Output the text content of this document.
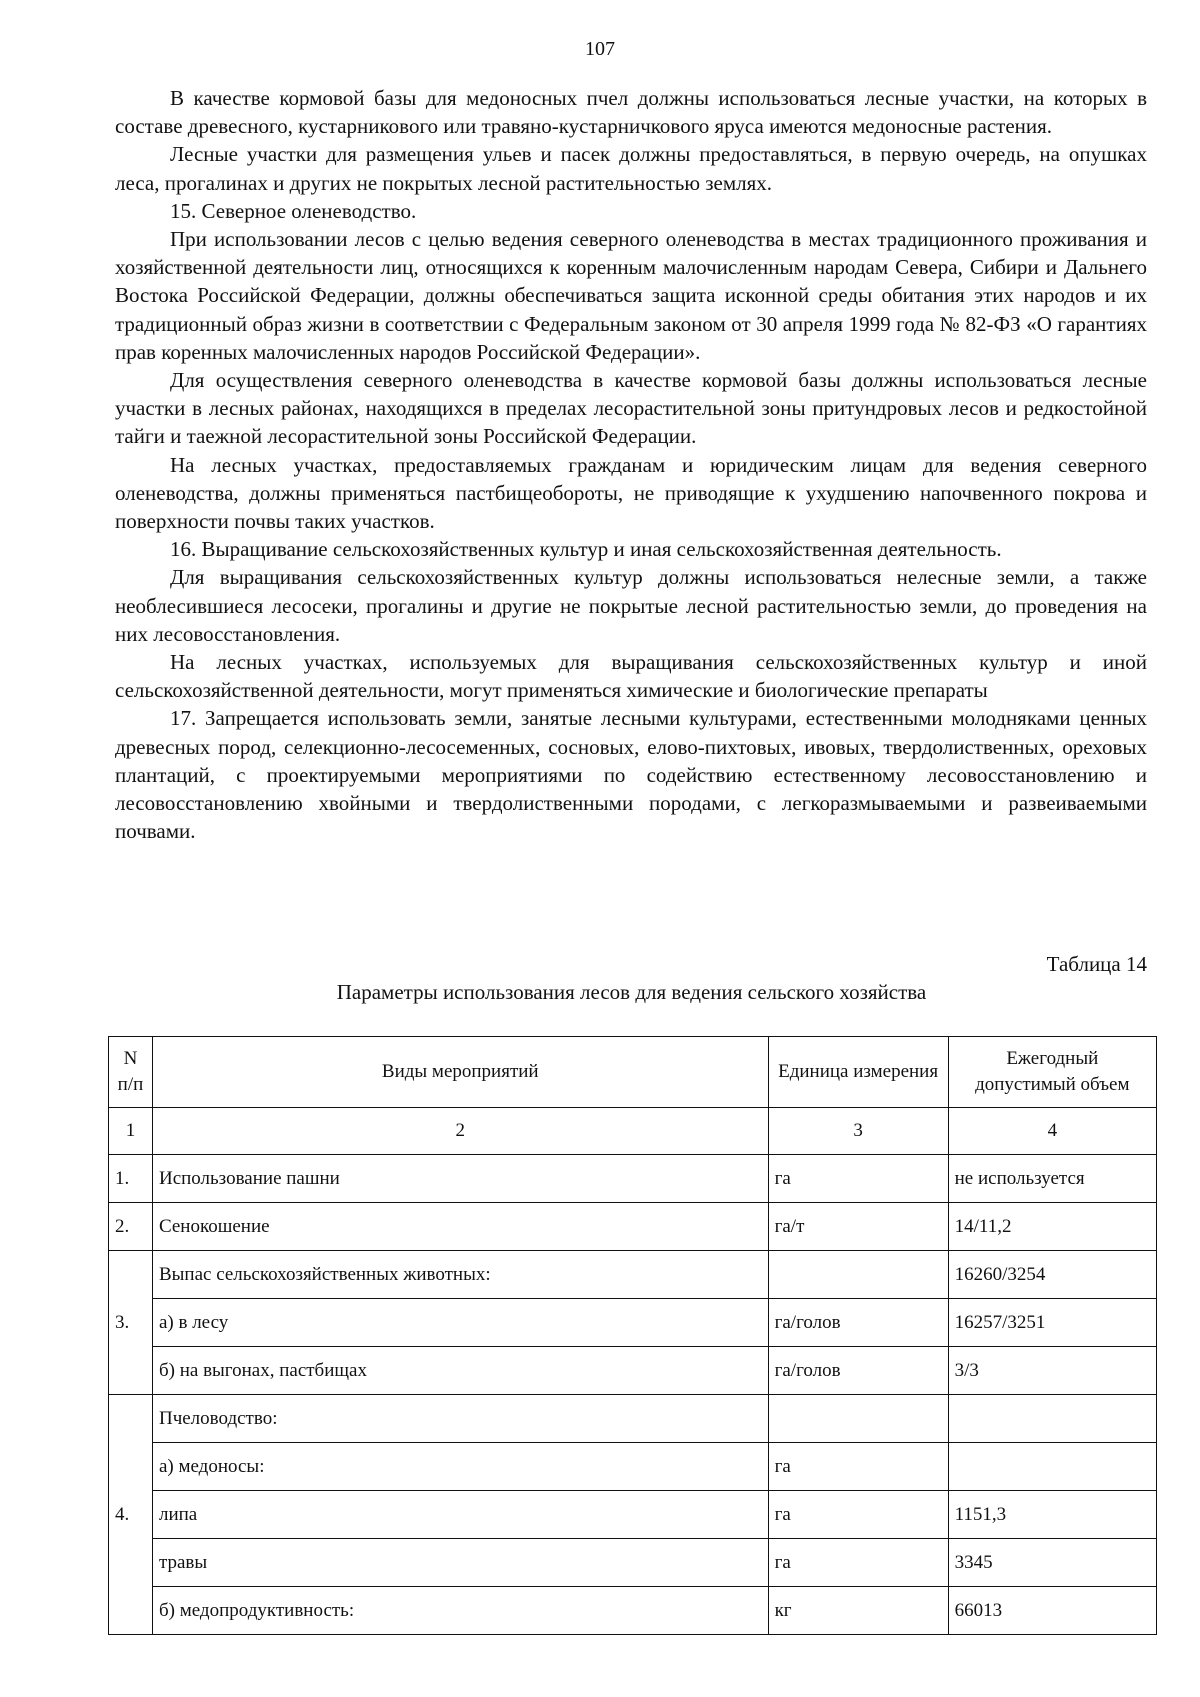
107

В качестве кормовой базы для медоносных пчел должны использоваться лесные участки, на которых в составе древесного, кустарникового или травяно-кустарничкового яруса имеются медоносные растения.

Лесные участки для размещения ульев и пасек должны предоставляться, в первую очередь, на опушках леса, прогалинах и других не покрытых лесной растительностью землях.

15. Северное оленеводство.

При использовании лесов с целью ведения северного оленеводства в местах традиционного проживания и хозяйственной деятельности лиц, относящихся к коренным малочисленным народам Севера, Сибири и Дальнего Востока Российской Федерации, должны обеспечиваться защита исконной среды обитания этих народов и их традиционный образ жизни в соответствии с Федеральным законом от 30 апреля 1999 года № 82-ФЗ «О гарантиях прав коренных малочисленных народов Российской Федерации».

Для осуществления северного оленеводства в качестве кормовой базы должны использоваться лесные участки в лесных районах, находящихся в пределах лесорастительной зоны притундровых лесов и редкостойной тайги и таежной лесорастительной зоны Российской Федерации.

На лесных участках, предоставляемых гражданам и юридическим лицам для ведения северного оленеводства, должны применяться пастбищеобороты, не приводящие к ухудшению напочвенного покрова и поверхности почвы таких участков.

16. Выращивание сельскохозяйственных культур и иная сельскохозяйственная деятельность.

Для выращивания сельскохозяйственных культур должны использоваться нелесные земли, а также необлесившиеся лесосеки, прогалины и другие не покрытые лесной растительностью земли, до проведения на них лесовосстановления.

На лесных участках, используемых для выращивания сельскохозяйственных культур и иной сельскохозяйственной деятельности, могут применяться химические и биологические препараты

17. Запрещается использовать земли, занятые лесными культурами, естественными молодняками ценных древесных пород, селекционно-лесосеменных, сосновых, елово-пихтовых, ивовых, твердолиственных, ореховых плантаций, с проектируемыми мероприятиями по содействию естественному лесовосстановлению и лесовосстановлению хвойными и твердолиственными породами, с легкоразмываемыми и развеиваемыми почвами.

Таблица 14
Параметры использования лесов для ведения сельского хозяйства
N п/п	Виды мероприятий	Единица измерения	Ежегодный допустимый объем
1	2	3	4
1.	Использование пашни	га	не используется
2.	Сенокошение	га/т	14/11,2
3.	Выпас сельскохозяйственных животных:		16260/3254
	а) в лесу	га/голов	16257/3251
	б) на выгонах, пастбищах	га/голов	3/3
4.	Пчеловодство:		
	а) медоносы:	га	
	липа	га	1151,3
	травы	га	3345
	б) медопродуктивность:	кг	66013
